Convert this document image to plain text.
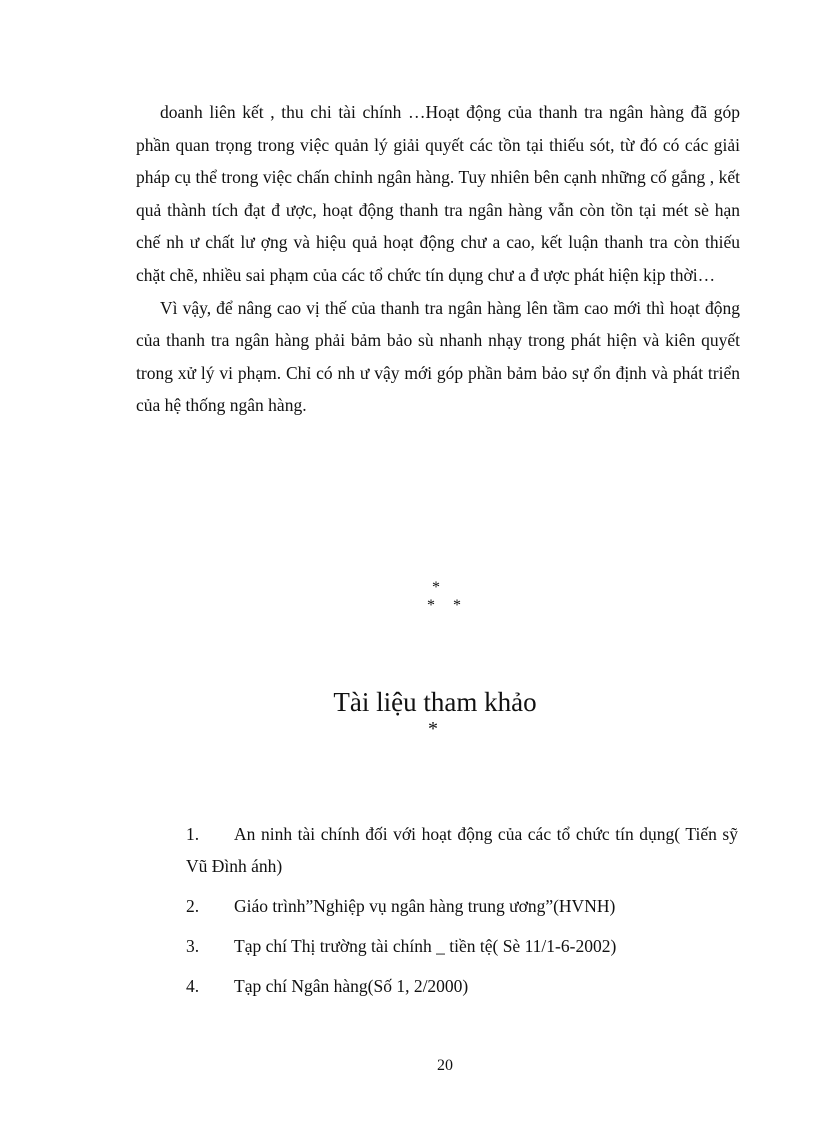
doanh liên kết , thu chi tài chính …Hoạt động của thanh tra ngân hàng đã góp phần quan trọng trong việc quản lý giải quyết các tồn tại thiếu sót, từ đó có các giải pháp cụ thể trong việc chấn chỉnh ngân hàng. Tuy nhiên bên cạnh những cố gắng , kết quả thành tích đạt đ ược, hoạt động thanh tra ngân hàng vẫn còn tồn tại mét sè hạn chế nh ư chất lư ợng và hiệu quả hoạt động chư a cao, kết luận thanh tra còn thiếu chặt chẽ, nhiều sai phạm của các tổ chức tín dụng chư a đ ược phát hiện kịp thời…

Vì vậy, để nâng cao vị thế của thanh tra ngân hàng lên tầm cao mới thì hoạt động của thanh tra ngân hàng phải bảm bảo sù nhanh nhạy trong phát hiện và kiên quyết trong xử lý vi phạm. Chỉ có nh ư vậy mới góp phần bảm bảo sự ổn định và phát triển của hệ thống ngân hàng.

*
* *
Tài liệu tham khảo
*
1. An ninh tài chính đối với hoạt động của các tổ chức tín dụng( Tiến sỹ Vũ Đình ánh)
2. Giáo trình”Nghiệp vụ ngân hàng trung ương”(HVNH)
3. Tạp chí Thị trường tài chính _ tiền tệ( Sè 11/1-6-2002)
4. Tạp chí Ngân hàng(Số 1, 2/2000)
20
